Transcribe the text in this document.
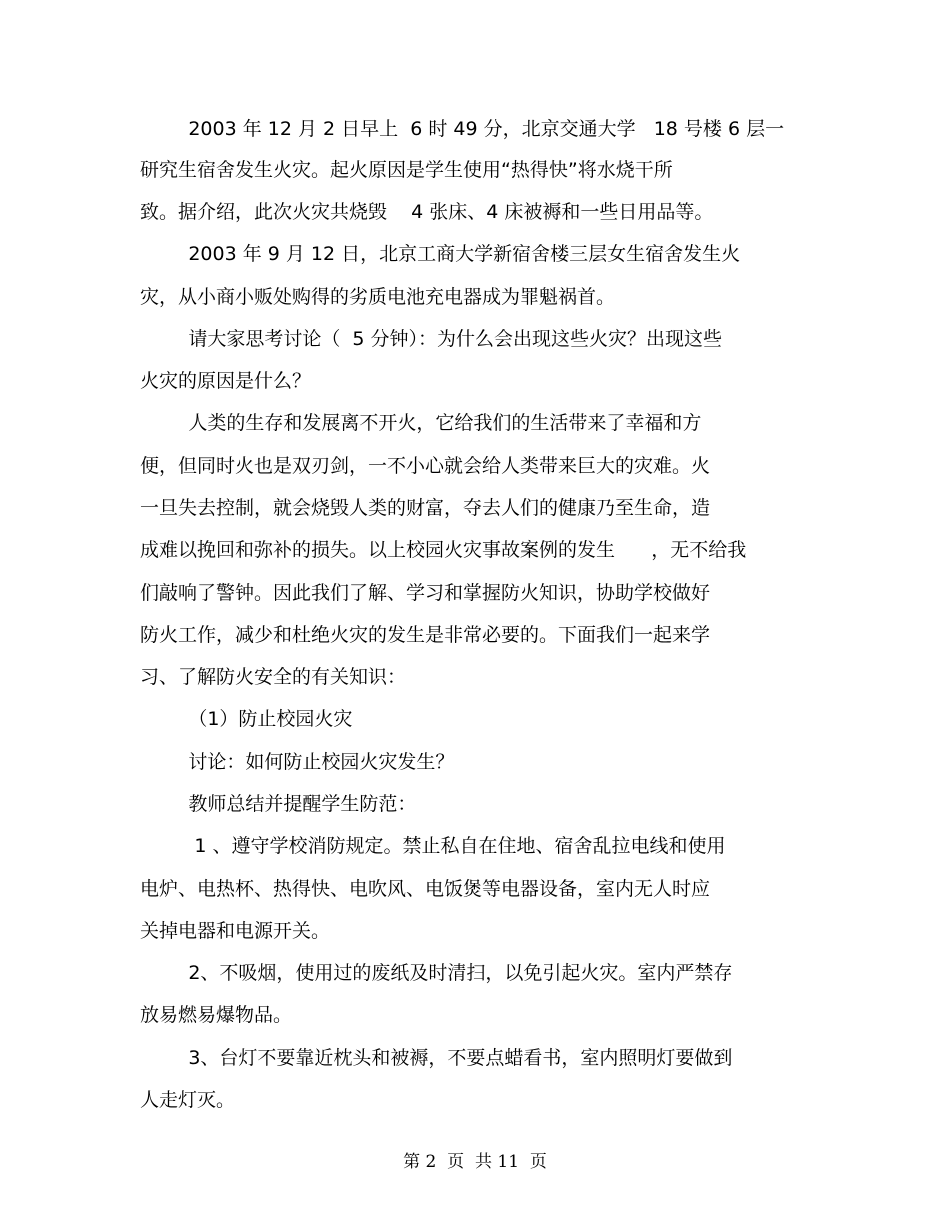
2003 年 12 月 2 日早上  6 时 49 分，北京交通大学   18 号楼 6 层一
研究生宿舍发生火灾。起火原因是学生使用“热得快”将水烧干所
致。据介绍，此次火灾共烧毁    4 张床、4 床被褥和一些日用品等。
2003 年 9 月 12 日，北京工商大学新宿舍楼三层女生宿舍发生火
灾，从小商小贩处购得的劣质电池充电器成为罪魁祸首。
请大家思考讨论（  5 分钟）：为什么会出现这些火灾？出现这些
火灾的原因是什么？
人类的生存和发展离不开火，它给我们的生活带来了幸福和方
便，但同时火也是双刃剑，一不小心就会给人类带来巨大的灾难。火
一旦失去控制，就会烧毁人类的财富，夺去人们的健康乃至生命，造
成难以挽回和弥补的损失。以上校园火灾事故案例的发生      ，无不给我
们敲响了警钟。因此我们了解、学习和掌握防火知识，协助学校做好
防火工作，减少和杜绝火灾的发生是非常必要的。下面我们一起来学
习、了解防火安全的有关知识：
（1）防止校园火灾
讨论：如何防止校园火灾发生？
教师总结并提醒学生防范：
1 、遵守学校消防规定。禁止私自在住地、宿舍乱拉电线和使用
电炉、电热杯、热得快、电吹风、电饭煲等电器设备，室内无人时应
关掉电器和电源开关。
2、不吸烟，使用过的废纸及时清扫，以免引起火灾。室内严禁存
放易燃易爆物品。
3、台灯不要靠近枕头和被褥，不要点蜡看书，室内照明灯要做到
人走灯灭。
第 2  页  共 11  页
